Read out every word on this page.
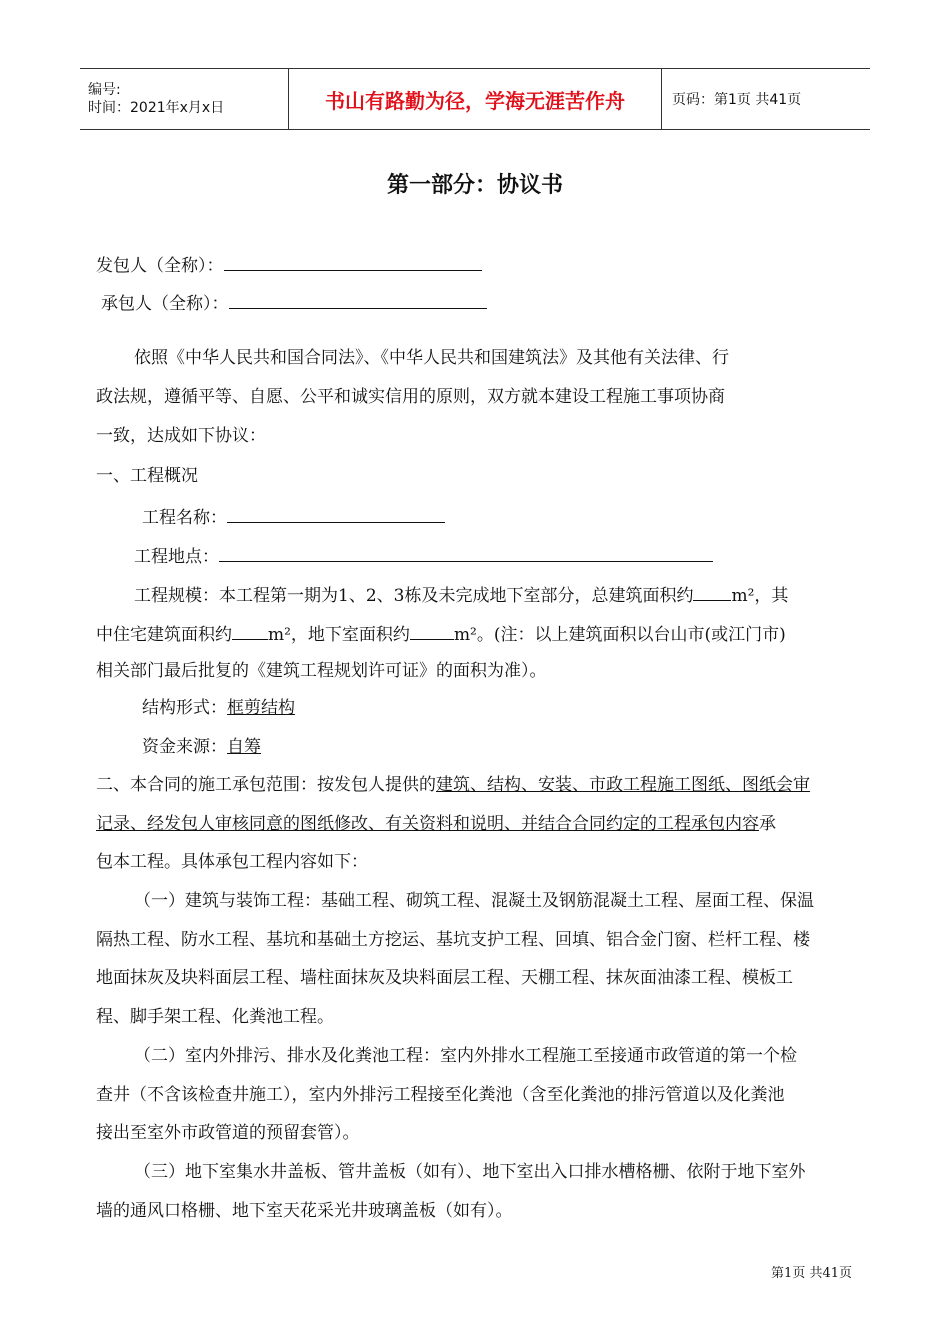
编号:
时间：2021年x月x日	书山有路勤为径，学海无涯苦作舟	页码：第1页 共41页
第一部分：协议书
发包人（全称）：
承包人（全称）：
依照《中华人民共和国合同法》、《中华人民共和国建筑法》及其他有关法律、行
政法规，遵循平等、自愿、公平和诚实信用的原则，双方就本建设工程施工事项协商
一致，达成如下协议：
一、工程概况
工程名称：
工程地点：
工程规模：本工程第一期为1、2、3栋及未完成地下室部分，总建筑面积约 m²，其
中住宅建筑面积约 m²，地下室面积约	m²。(注：以上建筑面积以台山市(或江门市)
相关部门最后批复的《建筑工程规划许可证》的面积为准）。
结构形式：框剪结构
资金来源：自筹
二、本合同的施工承包范围：按发包人提供的建筑、结构、安装、市政工程施工图纸、图纸会审
记录、经发包人审核同意的图纸修改、有关资料和说明、并结合合同约定的工程承包内容承
包本工程。具体承包工程内容如下：
（一）建筑与装饰工程：基础工程、砌筑工程、混凝土及钢筋混凝土工程、屋面工程、保温
隔热工程、防水工程、基坑和基础土方挖运、基坑支护工程、回填、铝合金门窗、栏杆工程、楼
地面抹灰及块料面层工程、墙柱面抹灰及块料面层工程、天棚工程、抹灰面油漆工程、模板工
程、脚手架工程、化粪池工程。
（二）室内外排污、排水及化粪池工程：室内外排水工程施工至接通市政管道的第一个检
查井（不含该检查井施工），室内外排污工程接至化粪池（含至化粪池的排污管道以及化粪池
接出至室外市政管道的预留套管）。
（三）地下室集水井盖板、管井盖板（如有）、地下室出入口排水槽格栅、依附于地下室外
墙的通风口格栅、地下室天花采光井玻璃盖板（如有）。
第1页 共41页
